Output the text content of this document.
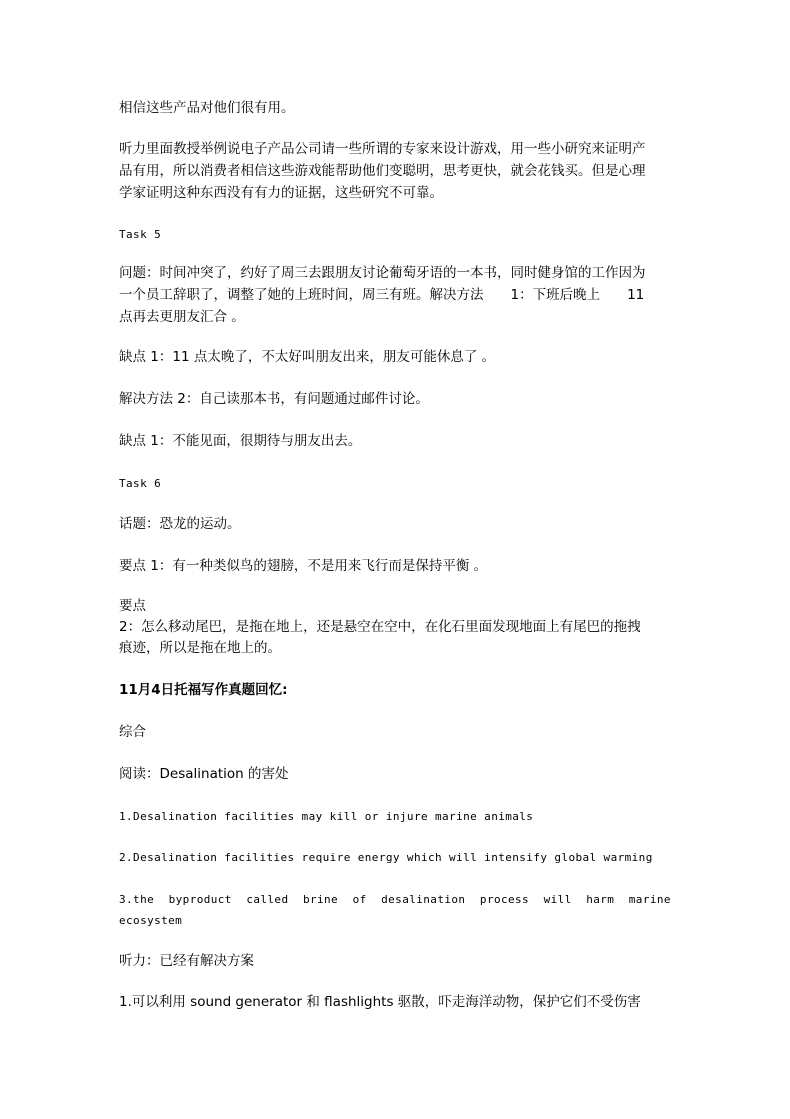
相信这些产品对他们很有用。

听力里面教授举例说电子产品公司请一些所谓的专家来设计游戏，用一些小研究来证明产
品有用，所以消费者相信这些游戏能帮助他们变聪明，思考更快，就会花钱买。但是心理
学家证明这种东西没有有力的证据，这些研究不可靠。

Task 5

问题：时间冲突了，约好了周三去跟朋友讨论葡萄牙语的一本书，同时健身馆的工作因为
一个员工辞职了，调整了她的上班时间，周三有班。解决方法　　1：下班后晚上　　11
点再去更朋友汇合 。

缺点 1：11 点太晚了，不太好叫朋友出来，朋友可能休息了 。

解决方法 2：自己读那本书，有问题通过邮件讨论。

缺点 1：不能见面，很期待与朋友出去。

Task 6

话题：恐龙的运动。

要点 1：有一种类似鸟的翅膀，不是用来飞行而是保持平衡 。

要点
2：怎么移动尾巴，是拖在地上，还是悬空在空中，在化石里面发现地面上有尾巴的拖拽
痕迹，所以是拖在地上的。

11月4日托福写作真题回忆:

综合

阅读：Desalination 的害处

1.Desalination facilities may kill or injure marine animals

2.Desalination facilities require energy which will intensify global warming

3.the byproduct called brine of desalination process will harm marine
ecosystem

听力：已经有解决方案

1.可以利用 sound generator 和 flashlights 驱散，吓走海洋动物，保护它们不受伤害
